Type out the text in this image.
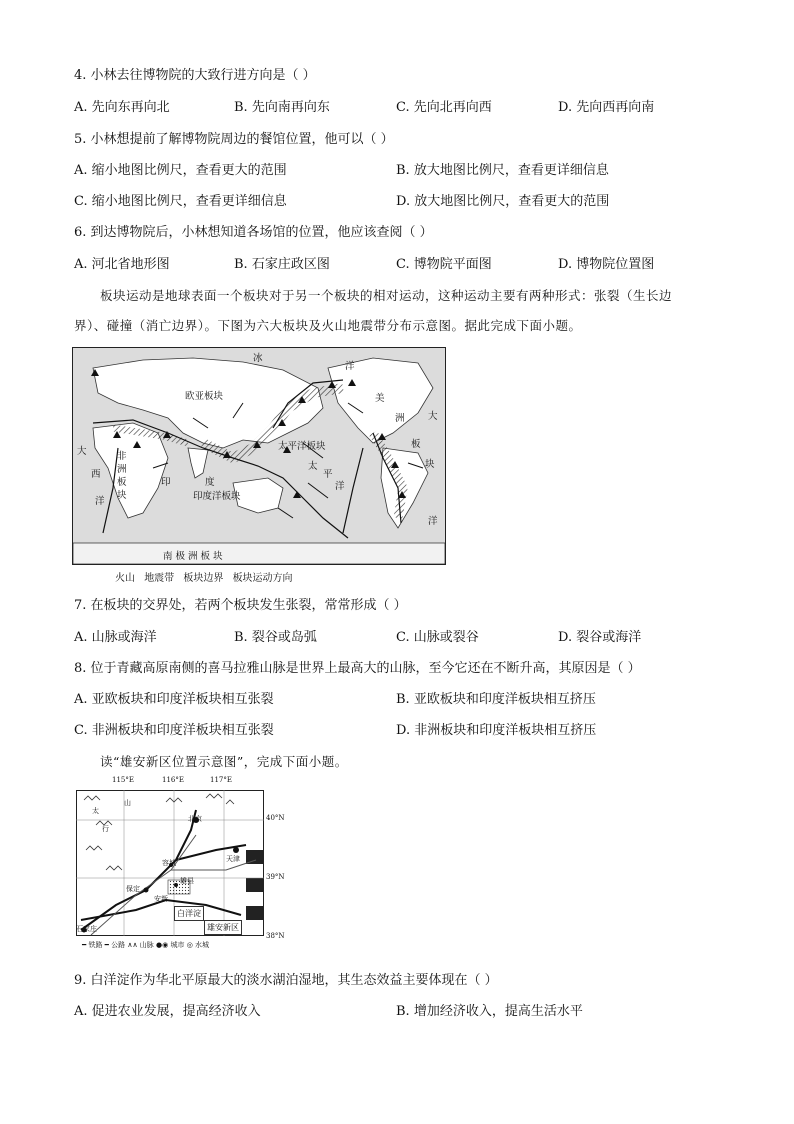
4. 小林去往博物院的大致行进方向是（ ）
A. 先向东再向北	B. 先向南再向东	C. 先向北再向西	D. 先向西再向南
5. 小林想提前了解博物院周边的餐馆位置，他可以（ ）
A. 缩小地图比例尺，查看更大的范围	B. 放大地图比例尺，查看更详细信息
C. 缩小地图比例尺，查看更详细信息	D. 放大地图比例尺，查看更大的范围
6. 到达博物院后，小林想知道各场馆的位置，他应该查阅（ ）
A. 河北省地形图	B. 石家庄政区图	C. 博物院平面图	D. 博物院位置图
板块运动是地球表面一个板块对于另一个板块的相对运动，这种运动主要有两种形式：张裂（生长边
界）、碰撞（消亡边界）。下图为六大板块及火山地震带分布示意图。据此完成下面小题。
冰
洋
欧亚板块
太平洋板块
美
洲
板
块
大
大
西
洋
非
洲
板
块
印	度
印度洋板块
太
平
洋
洋
南 极 洲 板 块
火山 地震带 板块边界 板块运动方向
7. 在板块的交界处，若两个板块发生张裂，常常形成（ ）
A. 山脉或海洋	B. 裂谷或岛弧	C. 山脉或裂谷	D. 裂谷或海洋
8. 位于青藏高原南侧的喜马拉雅山脉是世界上最高大的山脉，至今它还在不断升高，其原因是（ ）
A. 亚欧板块和印度洋板块相互张裂	B. 亚欧板块和印度洋板块相互挤压
C. 非洲板块和印度洋板块相互张裂	D. 非洲板块和印度洋板块相互挤压
读“雄安新区位置示意图”，完成下面小题。
115°E	116°E	117°E
太
行
山
北京
天津
保定
容城
安新
雄县
石家庄
白洋淀
雄安新区
40°N
39°N
38°N
━ 铁路 ━ 公路 ∧∧ 山脉 ●◉ 城市 ◎ 水城
9. 白洋淀作为华北平原最大的淡水湖泊湿地，其生态效益主要体现在（ ）
A. 促进农业发展，提高经济收入	B. 增加经济收入，提高生活水平
